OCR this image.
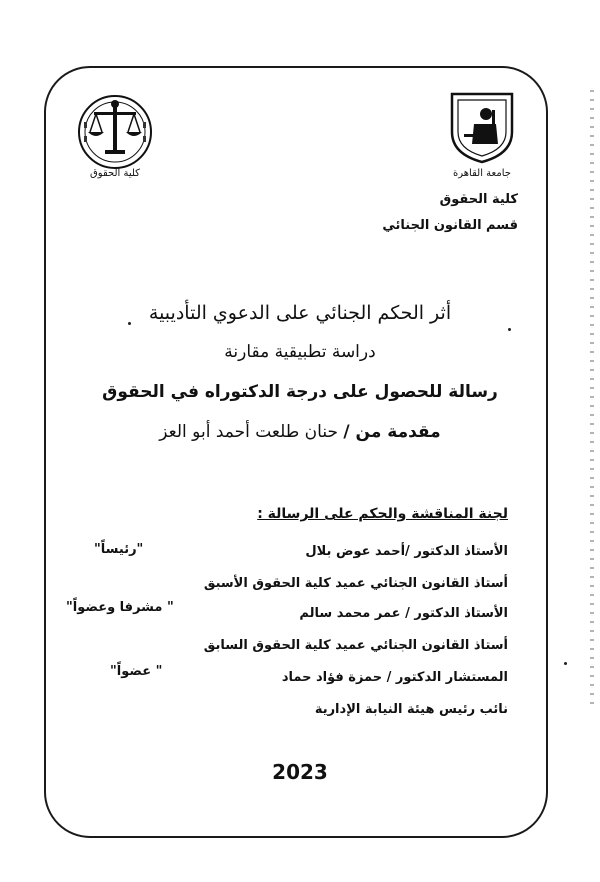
كلية الحقوق	جامعة القاهرة
كلية الحقوق
قسم القانون الجنائي
أثر الحكم الجنائي على الدعوي التأديبية
دراسة تطبيقية مقارنة
رسالة للحصول على درجة الدكتوراه في الحقوق
مقدمة من / حنان طلعت أحمد أبو العز
لجنة المناقشة والحكم على الرسالة :
الأستاذ الدكتور /أحمد عوض بلال
"رئيساً"
أستاذ القانون الجنائي عميد كلية الحقوق الأسبق
الأستاذ الدكتور / عمر محمد سالم
" مشرفا وعضواً"
أستاذ القانون الجنائي عميد كلية الحقوق السابق
المستشار الدكتور / حمزة فؤاد حماد
" عضواً"
نائب رئيس هيئة النيابة الإدارية
2023
